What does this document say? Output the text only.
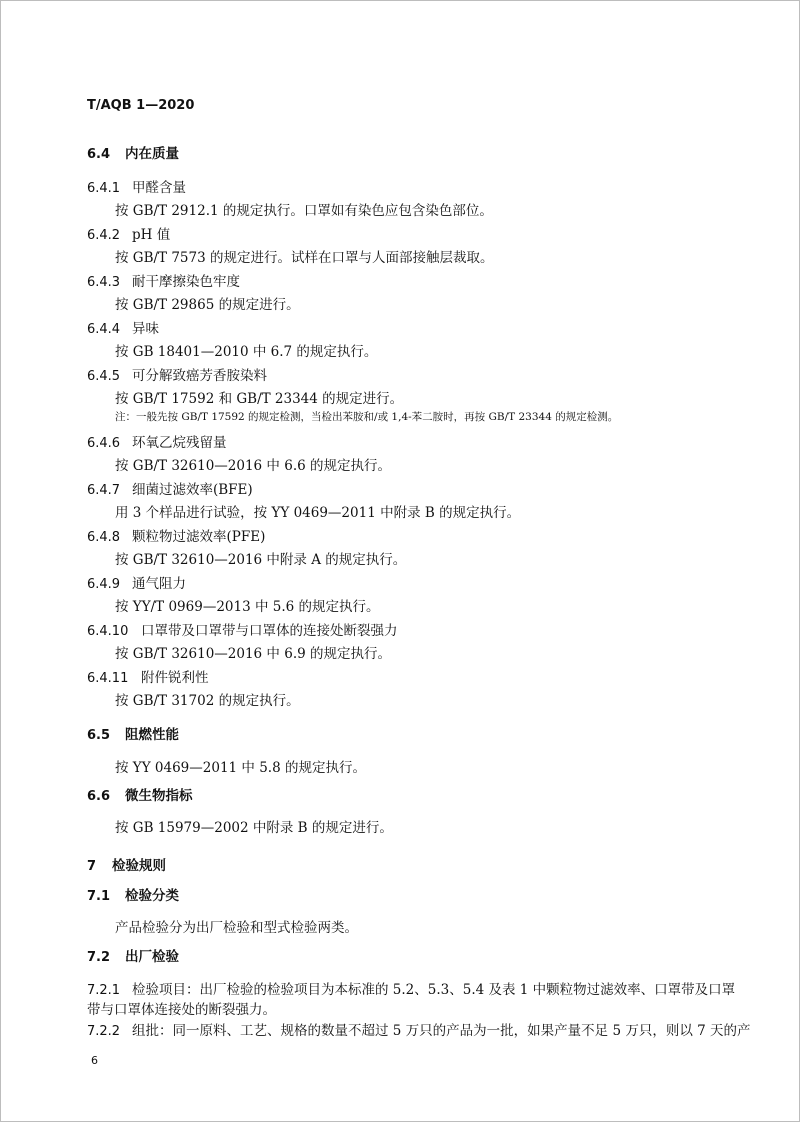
T/AQB 1—2020
6.4 内在质量
6.4.1 甲醛含量
按 GB/T 2912.1 的规定执行。口罩如有染色应包含染色部位。
6.4.2 pH 值
按 GB/T 7573 的规定进行。试样在口罩与人面部接触层裁取。
6.4.3 耐干摩擦染色牢度
按 GB/T 29865 的规定进行。
6.4.4 异味
按 GB 18401—2010 中 6.7 的规定执行。
6.4.5 可分解致癌芳香胺染料
按 GB/T 17592 和 GB/T 23344 的规定进行。
注：一般先按 GB/T 17592 的规定检测，当检出苯胺和/或 1,4-苯二胺时，再按 GB/T 23344 的规定检测。
6.4.6 环氧乙烷残留量
按 GB/T 32610—2016 中 6.6 的规定执行。
6.4.7 细菌过滤效率(BFE)
用 3 个样品进行试验，按 YY 0469—2011 中附录 B 的规定执行。
6.4.8 颗粒物过滤效率(PFE)
按 GB/T 32610—2016 中附录 A 的规定执行。
6.4.9 通气阻力
按 YY/T 0969—2013 中 5.6 的规定执行。
6.4.10 口罩带及口罩带与口罩体的连接处断裂强力
按 GB/T 32610—2016 中 6.9 的规定执行。
6.4.11 附件锐利性
按 GB/T 31702 的规定执行。
6.5 阻燃性能
按 YY 0469—2011 中 5.8 的规定执行。
6.6 微生物指标
按 GB 15979—2002 中附录 B 的规定进行。
7 检验规则
7.1 检验分类
产品检验分为出厂检验和型式检验两类。
7.2 出厂检验
7.2.1 检验项目：出厂检验的检验项目为本标准的 5.2、5.3、5.4 及表 1 中颗粒物过滤效率、口罩带及口罩
带与口罩体连接处的断裂强力。
7.2.2 组批：同一原料、工艺、规格的数量不超过 5 万只的产品为一批，如果产量不足 5 万只，则以 7 天的产
6
